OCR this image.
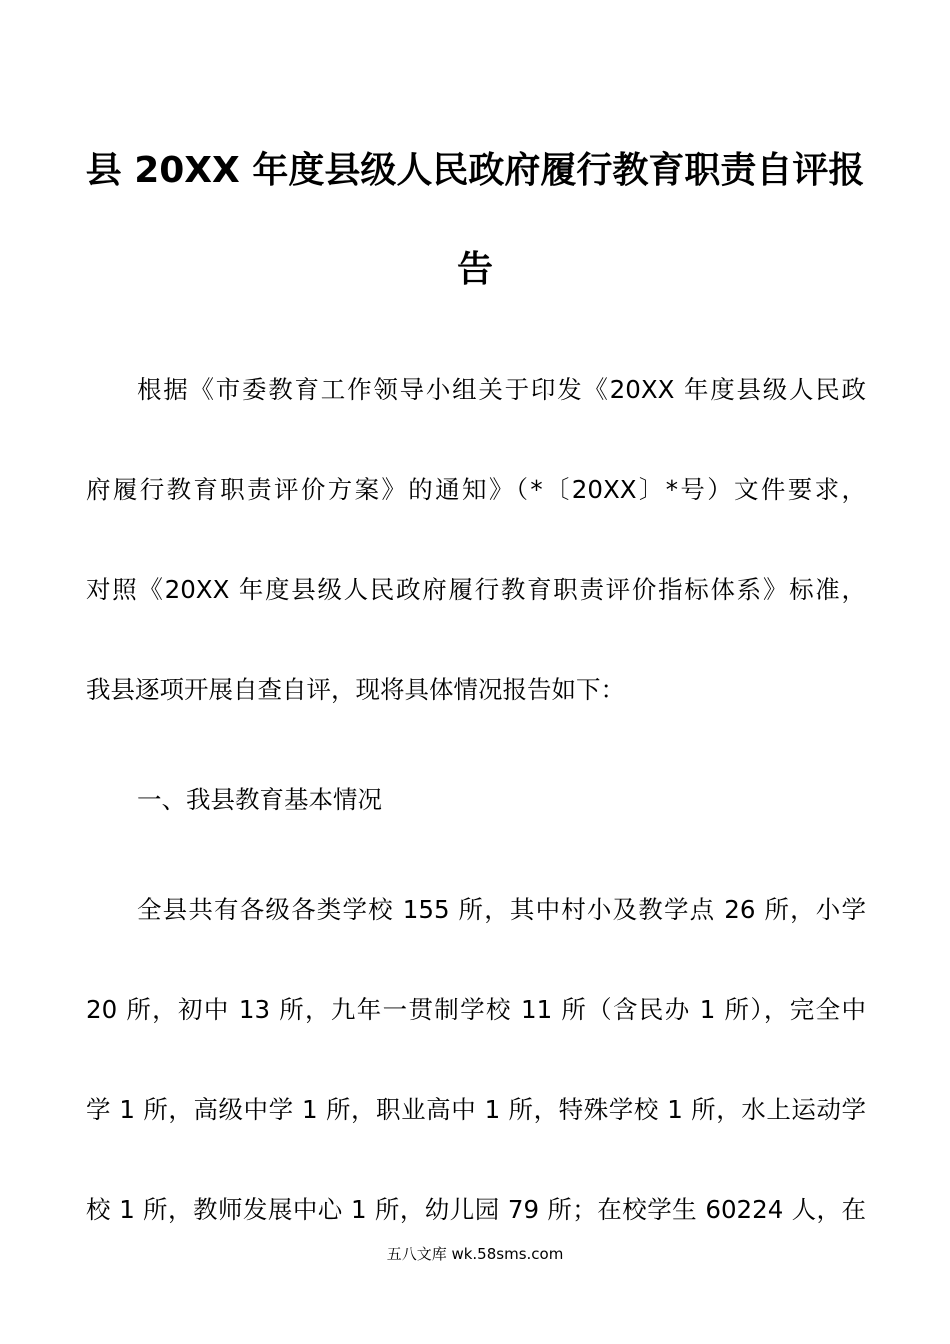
县 20XX 年度县级人民政府履行教育职责自评报
告
根据《市委教育工作领导小组关于印发《20XX 年度县级人民政
府履行教育职责评价方案》的通知》（*〔20XX〕*号）文件要求，
对照《20XX 年度县级人民政府履行教育职责评价指标体系》标准，
我县逐项开展自查自评，现将具体情况报告如下：
一、我县教育基本情况
全县共有各级各类学校 155 所，其中村小及教学点 26 所，小学
20 所，初中 13 所，九年一贯制学校 11 所（含民办 1 所），完全中
学 1 所，高级中学 1 所，职业高中 1 所，特殊学校 1 所，水上运动学
校 1 所，教师发展中心 1 所，幼儿园 79 所；在校学生 60224 人，在
五八文库 wk.58sms.com
